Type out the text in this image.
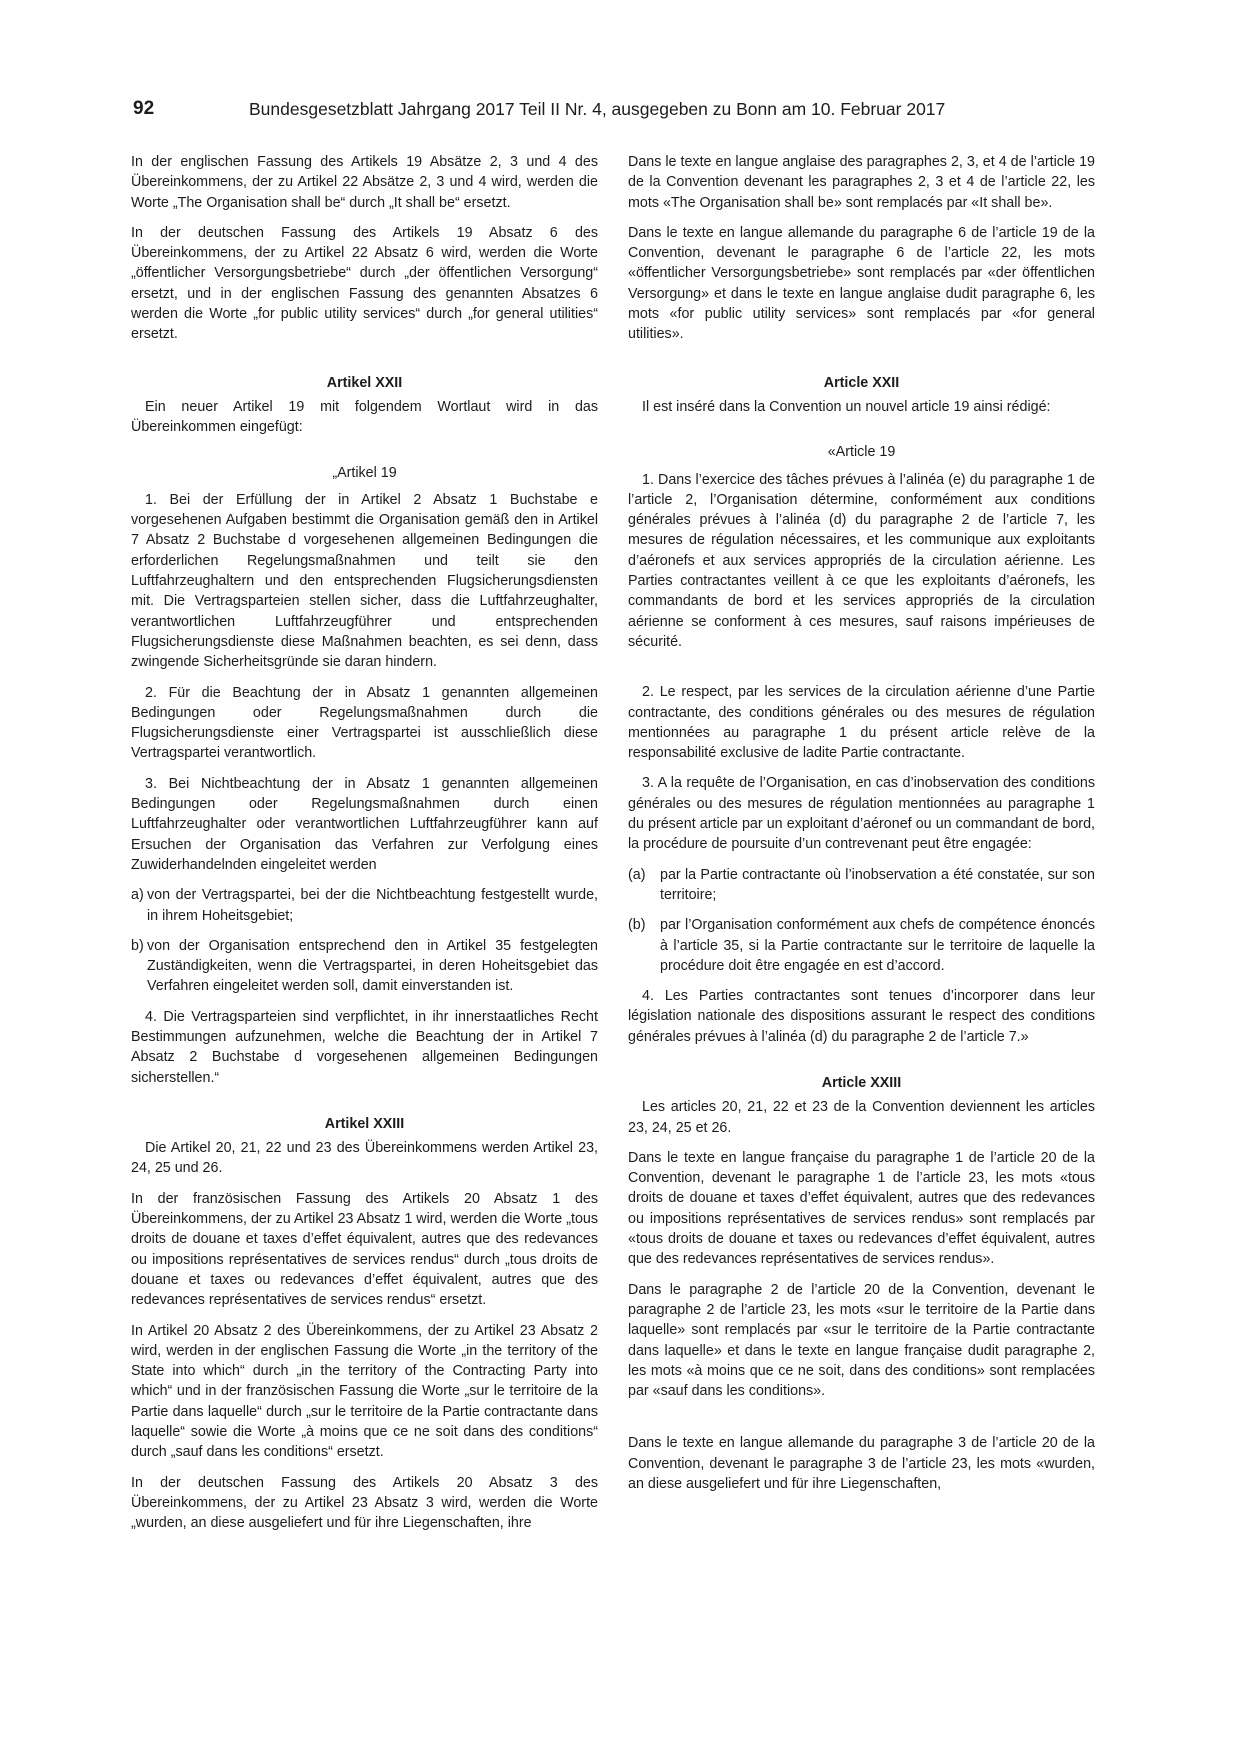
92	Bundesgesetzblatt Jahrgang 2017 Teil II Nr. 4, ausgegeben zu Bonn am 10. Februar 2017

In der englischen Fassung des Artikels 19 Absätze 2, 3 und 4 des Übereinkommens, der zu Artikel 22 Absätze 2, 3 und 4 wird, werden die Worte „The Organisation shall be“ durch „It shall be“ ersetzt.

In der deutschen Fassung des Artikels 19 Absatz 6 des Übereinkommens, der zu Artikel 22 Absatz 6 wird, werden die Worte „öffentlicher Versorgungsbetriebe“ durch „der öffentlichen Versorgung“ ersetzt, und in der englischen Fassung des genannten Absatzes 6 werden die Worte „for public utility services“ durch „for general utilities“ ersetzt.

Artikel XXII

Ein neuer Artikel 19 mit folgendem Wortlaut wird in das Übereinkommen eingefügt:

„Artikel 19

1. Bei der Erfüllung der in Artikel 2 Absatz 1 Buchstabe e vorgesehenen Aufgaben bestimmt die Organisation gemäß den in Artikel 7 Absatz 2 Buchstabe d vorgesehenen allgemeinen Bedingungen die erforderlichen Regelungsmaßnahmen und teilt sie den Luftfahrzeughaltern und den entsprechenden Flugsicherungsdiensten mit. Die Vertragsparteien stellen sicher, dass die Luftfahrzeughalter, verantwortlichen Luftfahrzeugführer und entsprechenden Flugsicherungsdienste diese Maßnahmen beachten, es sei denn, dass zwingende Sicherheitsgründe sie daran hindern.

2. Für die Beachtung der in Absatz 1 genannten allgemeinen Bedingungen oder Regelungsmaßnahmen durch die Flugsicherungsdienste einer Vertragspartei ist ausschließlich diese Vertragspartei verantwortlich.

3. Bei Nichtbeachtung der in Absatz 1 genannten allgemeinen Bedingungen oder Regelungsmaßnahmen durch einen Luftfahrzeughalter oder verantwortlichen Luftfahrzeugführer kann auf Ersuchen der Organisation das Verfahren zur Verfolgung eines Zuwiderhandelnden eingeleitet werden

a) von der Vertragspartei, bei der die Nichtbeachtung festgestellt wurde, in ihrem Hoheitsgebiet;
b) von der Organisation entsprechend den in Artikel 35 festgelegten Zuständigkeiten, wenn die Vertragspartei, in deren Hoheitsgebiet das Verfahren eingeleitet werden soll, damit einverstanden ist.

4. Die Vertragsparteien sind verpflichtet, in ihr innerstaatliches Recht Bestimmungen aufzunehmen, welche die Beachtung der in Artikel 7 Absatz 2 Buchstabe d vorgesehenen allgemeinen Bedingungen sicherstellen.“

Artikel XXIII

Die Artikel 20, 21, 22 und 23 des Übereinkommens werden Artikel 23, 24, 25 und 26.

In der französischen Fassung des Artikels 20 Absatz 1 des Übereinkommens, der zu Artikel 23 Absatz 1 wird, werden die Worte „tous droits de douane et taxes d’effet équivalent, autres que des redevances ou impositions représentatives de services rendus“ durch „tous droits de douane et taxes ou redevances d’effet équivalent, autres que des redevances représentatives de services rendus“ ersetzt.

In Artikel 20 Absatz 2 des Übereinkommens, der zu Artikel 23 Absatz 2 wird, werden in der englischen Fassung die Worte „in the territory of the State into which“ durch „in the territory of the Contracting Party into which“ und in der französischen Fassung die Worte „sur le territoire de la Partie dans laquelle“ durch „sur le territoire de la Partie contractante dans laquelle“ sowie die Worte „à moins que ce ne soit dans des conditions“ durch „sauf dans les conditions“ ersetzt.

In der deutschen Fassung des Artikels 20 Absatz 3 des Übereinkommens, der zu Artikel 23 Absatz 3 wird, werden die Worte „wurden, an diese ausgeliefert und für ihre Liegenschaften, ihre

Dans le texte en langue anglaise des paragraphes 2, 3, et 4 de l’article 19 de la Convention devenant les paragraphes 2, 3 et 4 de l’article 22, les mots «The Organisation shall be» sont remplacés par «It shall be».

Dans le texte en langue allemande du paragraphe 6 de l’article 19 de la Convention, devenant le paragraphe 6 de l’article 22, les mots «öffentlicher Versorgungsbetriebe» sont remplacés par «der öffentlichen Versorgung» et dans le texte en langue anglaise dudit paragraphe 6, les mots «for public utility services» sont remplacés par «for general utilities».

Article XXII

Il est inséré dans la Convention un nouvel article 19 ainsi rédigé:

«Article 19

1. Dans l’exercice des tâches prévues à l’alinéa (e) du paragraphe 1 de l’article 2, l’Organisation détermine, conformément aux conditions générales prévues à l’alinéa (d) du paragraphe 2 de l’article 7, les mesures de régulation nécessaires, et les communique aux exploitants d’aéronefs et aux services appropriés de la circulation aérienne. Les Parties contractantes veillent à ce que les exploitants d’aéronefs, les commandants de bord et les services appropriés de la circulation aérienne se conforment à ces mesures, sauf raisons impérieuses de sécurité.

2. Le respect, par les services de la circulation aérienne d’une Partie contractante, des conditions générales ou des mesures de régulation mentionnées au paragraphe 1 du présent article relève de la responsabilité exclusive de ladite Partie contractante.

3. A la requête de l’Organisation, en cas d’inobservation des conditions générales ou des mesures de régulation mentionnées au paragraphe 1 du présent article par un exploitant d’aéronef ou un commandant de bord, la procédure de poursuite d’un contrevenant peut être engagée:

(a) par la Partie contractante où l’inobservation a été constatée, sur son territoire;
(b) par l’Organisation conformément aux chefs de compétence énoncés à l’article 35, si la Partie contractante sur le territoire de laquelle la procédure doit être engagée en est d’accord.

4. Les Parties contractantes sont tenues d’incorporer dans leur législation nationale des dispositions assurant le respect des conditions générales prévues à l’alinéa (d) du paragraphe 2 de l’article 7.»

Article XXIII

Les articles 20, 21, 22 et 23 de la Convention deviennent les articles 23, 24, 25 et 26.

Dans le texte en langue française du paragraphe 1 de l’article 20 de la Convention, devenant le paragraphe 1 de l’article 23, les mots «tous droits de douane et taxes d’effet équivalent, autres que des redevances ou impositions représentatives de services rendus» sont remplacés par «tous droits de douane et taxes ou redevances d’effet équivalent, autres que des redevances représentatives de services rendus».

Dans le paragraphe 2 de l’article 20 de la Convention, devenant le paragraphe 2 de l’article 23, les mots «sur le territoire de la Partie dans laquelle» sont remplacés par «sur le territoire de la Partie contractante dans laquelle» et dans le texte en langue française dudit paragraphe 2, les mots «à moins que ce ne soit, dans des conditions» sont remplacées par «sauf dans les conditions».

Dans le texte en langue allemande du paragraphe 3 de l’article 20 de la Convention, devenant le paragraphe 3 de l’article 23, les mots «wurden, an diese ausgeliefert und für ihre Liegenschaften,
